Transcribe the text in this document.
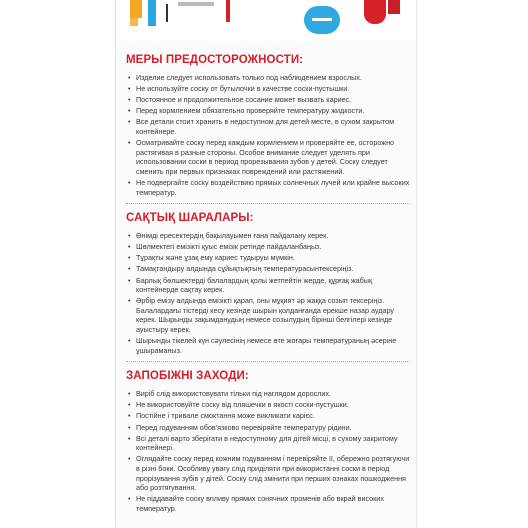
МЕРЫ ПРЕДОСТОРОЖНОСТИ:
• Изделие следует использовать только под наблюдением взрослых.
• Не используйте соску от бутылочки в качестве соски-пустышки.
• Постоянное и продолжительное сосание может вызвать кариес.
• Перед кормлением обязательно проверяйте температуру жидкости.
• Все детали стоит хранить в недоступном для детей месте, в сухом закрытом контейнере.
• Осматривайте соску перед каждым кормлением и проверяйте ее, осторожно растягивая в разные стороны. Особое внимание следует уделять при использовании соски в период прорезывания зубов у детей. Соску следует сменить при первых признаках повреждений или растяжений.
• Не подвергайте соску воздействию прямых солнечных лучей или крайне высоких температур.
САҚТЫҚ ШАРАЛАРЫ:
• Өнімді ересектердің бақылауымен ғана пайдалану керек.
• Шөлмектегі емізікті қуыс емізік ретінде пайдаланбаңыз.
• Тұрақты және ұзақ ему кариес тудыруы мүмкін.
• Тамақтандыру алдында сұйықтықтың температурасынтексеріңіз.
• Барлық бөлшектерді балалардың қолы жетпейтін жерде, құрғақ жабық контейнерде сақтау керек.
• Әрбір емізу алдында емізікті қарап, оны мұқият әр жаққа созып тексеріңіз. Балалардағы тістерді кесу кезінде шырын қолданғанда ерекше назар аудару керек. Шырынды зақымданудың немесе созылудың бірінші белгілері кезінде ауыстыру керек.
• Шырынды тікелей күн сәулесінің немесе өте жоғары температураның әсеріне ұшыраманыз.
ЗАПОБІЖНІ ЗАХОДИ:
• Виріб слід використовувати тільки під наглядом дорослих.
• Не використовуйте соску від пляшечки в якості соски-пустушки.
• Постійне і тривале смоктання може викликати карієс.
• Перед годуванням обов'язково перевіряйте температуру рідини.
• Всі деталі варто зберігати в недоступному для дітей місці, в сухому закритому контейнері.
• Оглядайте соску перед кожним годуванням і перевіряйте її, обережно розтягуючи в різні боки. Особливу увагу слід приділяти при використанні соски в період прорізування зубів у дітей. Соску слід змінити при перших ознаках пошкодження або розтягування.
• Не піддавайте соску впливу прямих сонячних променів або вкрай високих температур.
